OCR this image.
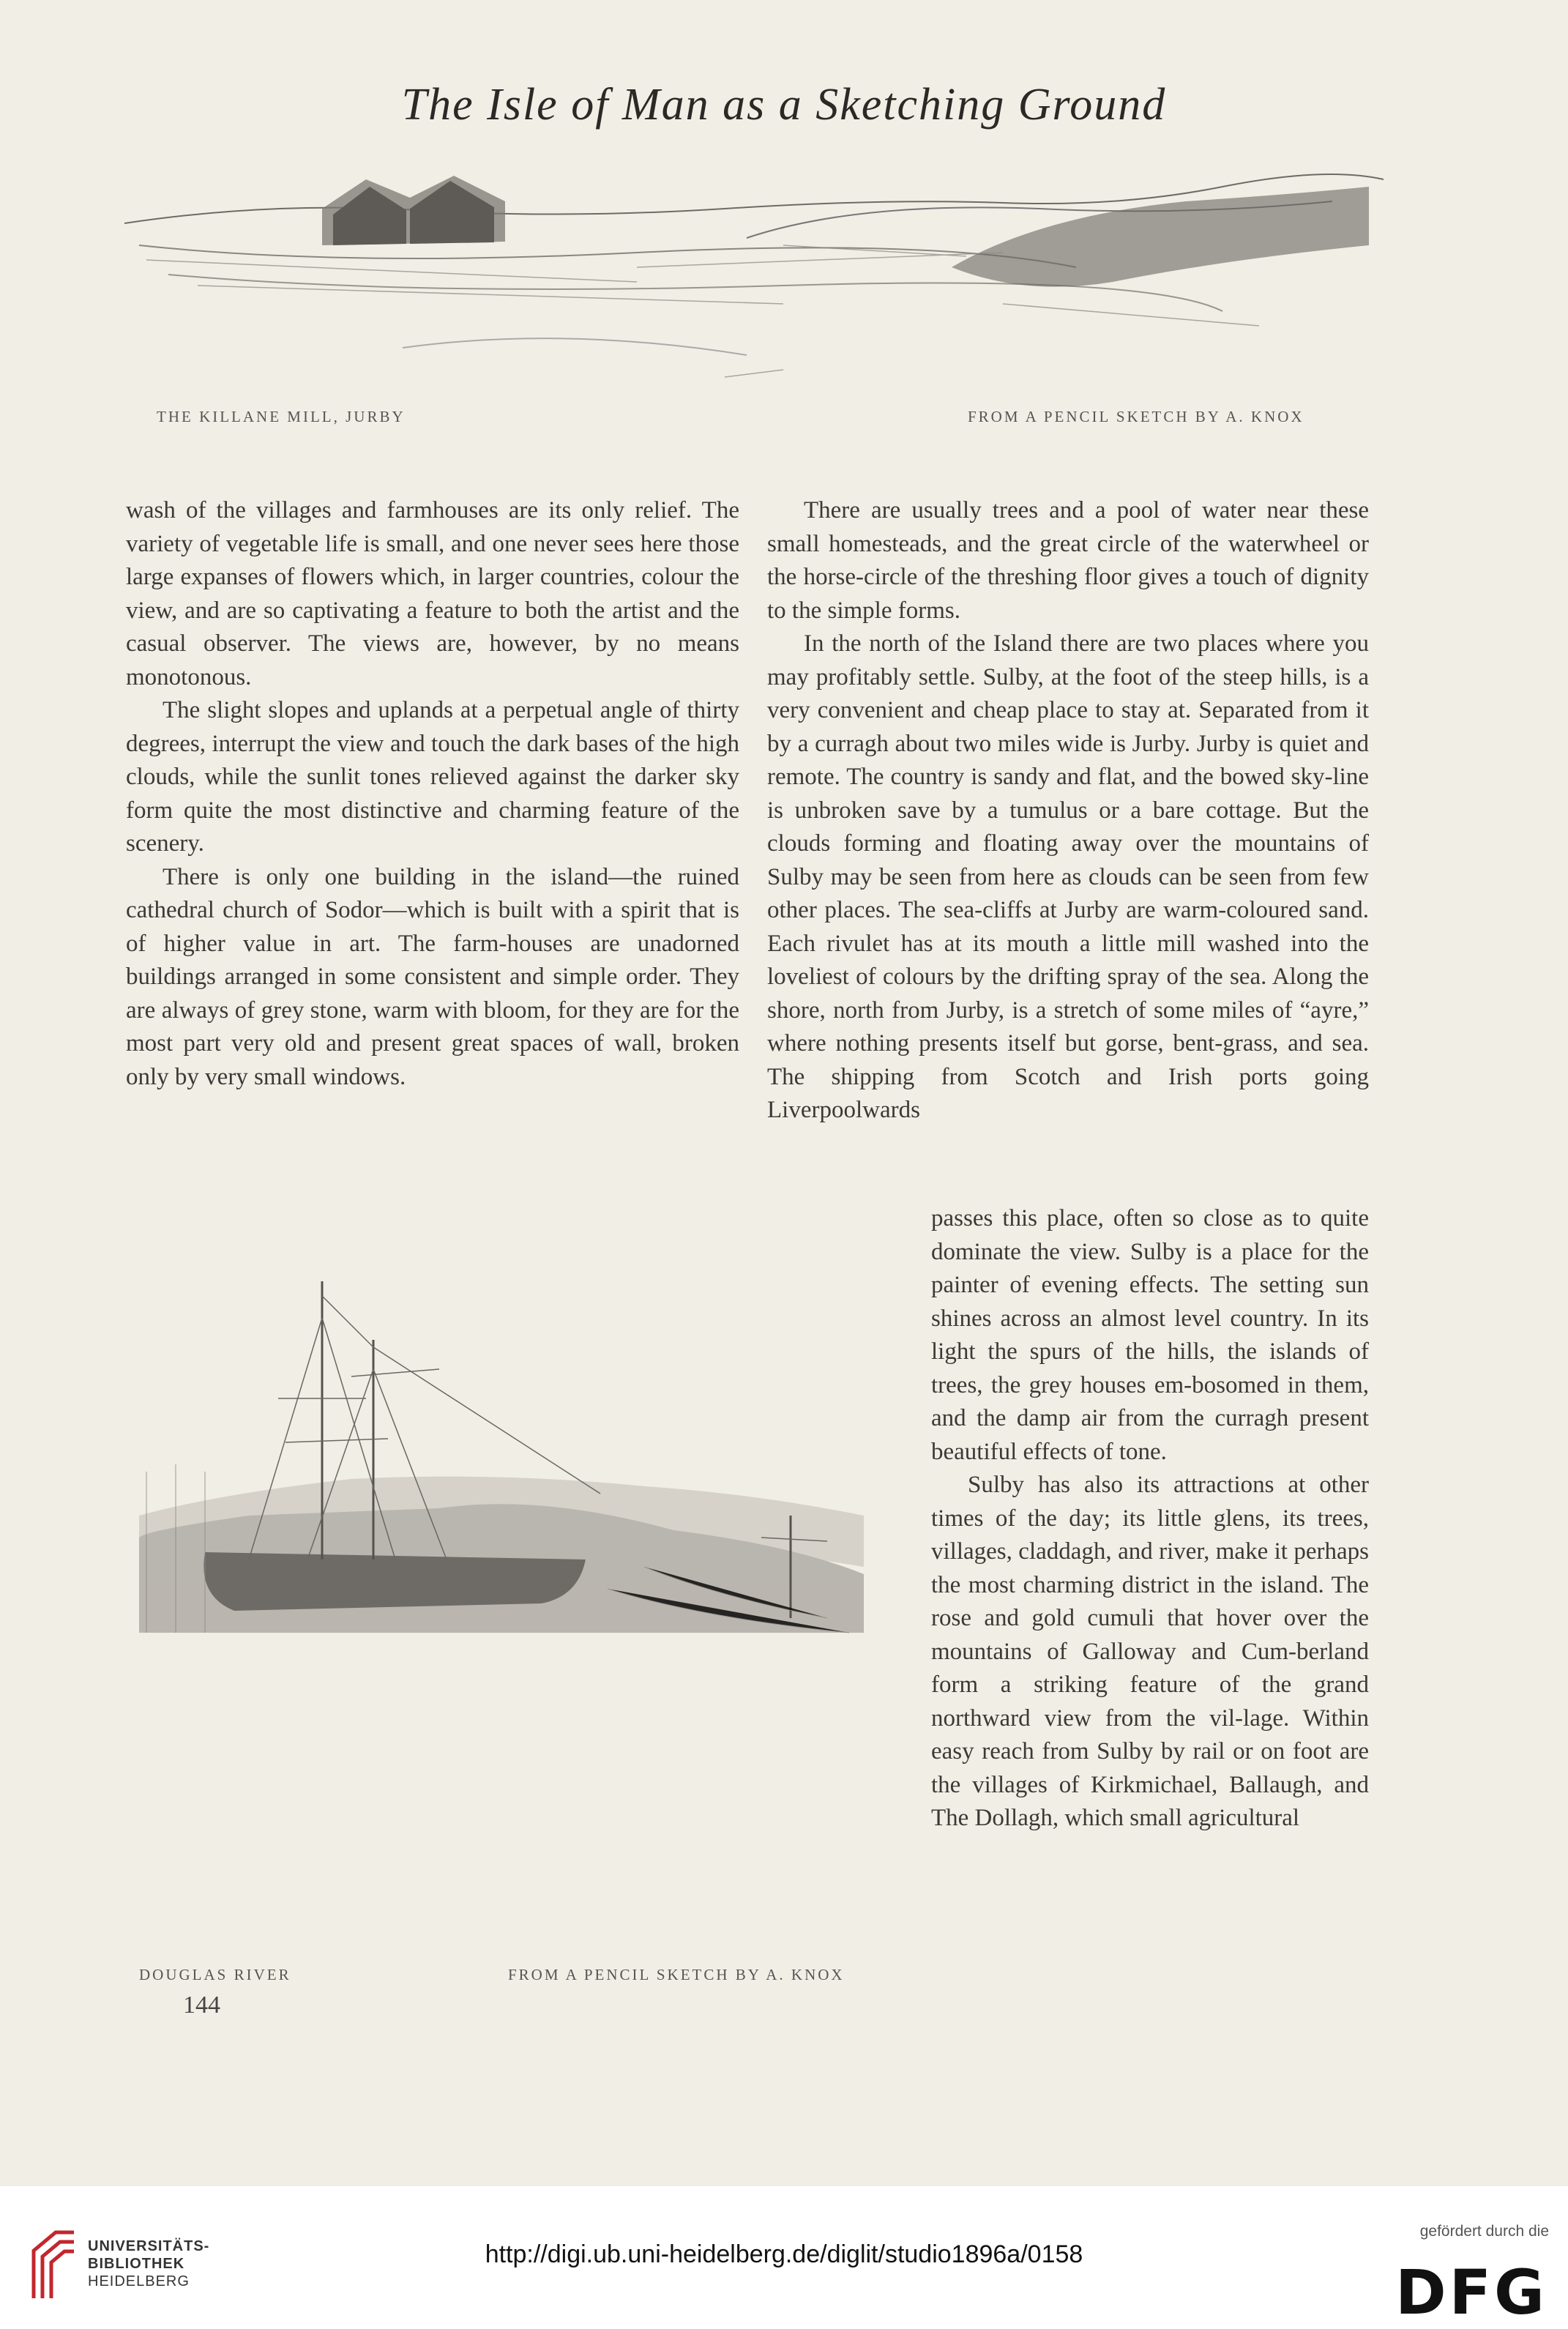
The Isle of Man as a Sketching Ground
THE KILLANE MILL, JURBY	FROM A PENCIL SKETCH BY A. KNOX

wash of the villages and farmhouses are its only relief. The variety of vegetable life is small, and one never sees here those large expanses of flowers which, in larger countries, colour the view, and are so captivating a feature to both the artist and the casual observer. The views are, however, by no means monotonous.

The slight slopes and uplands at a perpetual angle of thirty degrees, interrupt the view and touch the dark bases of the high clouds, while the sunlit tones relieved against the darker sky form quite the most distinctive and charming feature of the scenery.

There is only one building in the island—the ruined cathedral church of Sodor—which is built with a spirit that is of higher value in art. The farm-houses are unadorned buildings arranged in some consistent and simple order. They are always of grey stone, warm with bloom, for they are for the most part very old and present great spaces of wall, broken only by very small windows.

There are usually trees and a pool of water near these small homesteads, and the great circle of the waterwheel or the horse-circle of the threshing floor gives a touch of dignity to the simple forms.

In the north of the Island there are two places where you may profitably settle. Sulby, at the foot of the steep hills, is a very convenient and cheap place to stay at. Separated from it by a curragh about two miles wide is Jurby. Jurby is quiet and remote. The country is sandy and flat, and the bowed sky-line is unbroken save by a tumulus or a bare cottage. But the clouds forming and floating away over the mountains of Sulby may be seen from here as clouds can be seen from few other places. The sea-cliffs at Jurby are warm-coloured sand. Each rivulet has at its mouth a little mill washed into the loveliest of colours by the drifting spray of the sea. Along the shore, north from Jurby, is a stretch of some miles of “ayre,” where nothing presents itself but gorse, bent-grass, and sea. The shipping from Scotch and Irish ports going Liverpoolwards

passes this place, often so close as to quite dominate the view. Sulby is a place for the painter of evening effects. The setting sun shines across an almost level country. In its light the spurs of the hills, the islands of trees, the grey houses em-bosomed in them, and the damp air from the curragh present beautiful effects of tone.

Sulby has also its attractions at other times of the day; its little glens, its trees, villages, claddagh, and river, make it perhaps the most charming district in the island. The rose and gold cumuli that hover over the mountains of Galloway and Cum-berland form a striking feature of the grand northward view from the vil-lage. Within easy reach from Sulby by rail or on foot are the villages of Kirkmichael, Ballaugh, and The Dollagh, which small agricultural

DOUGLAS RIVER	FROM A PENCIL SKETCH BY A. KNOX
144
UNIVERSITÄTS-
BIBLIOTHEK
HEIDELBERG
http://digi.ub.uni-heidelberg.de/diglit/studio1896a/0158
gefördert durch die
DFG
